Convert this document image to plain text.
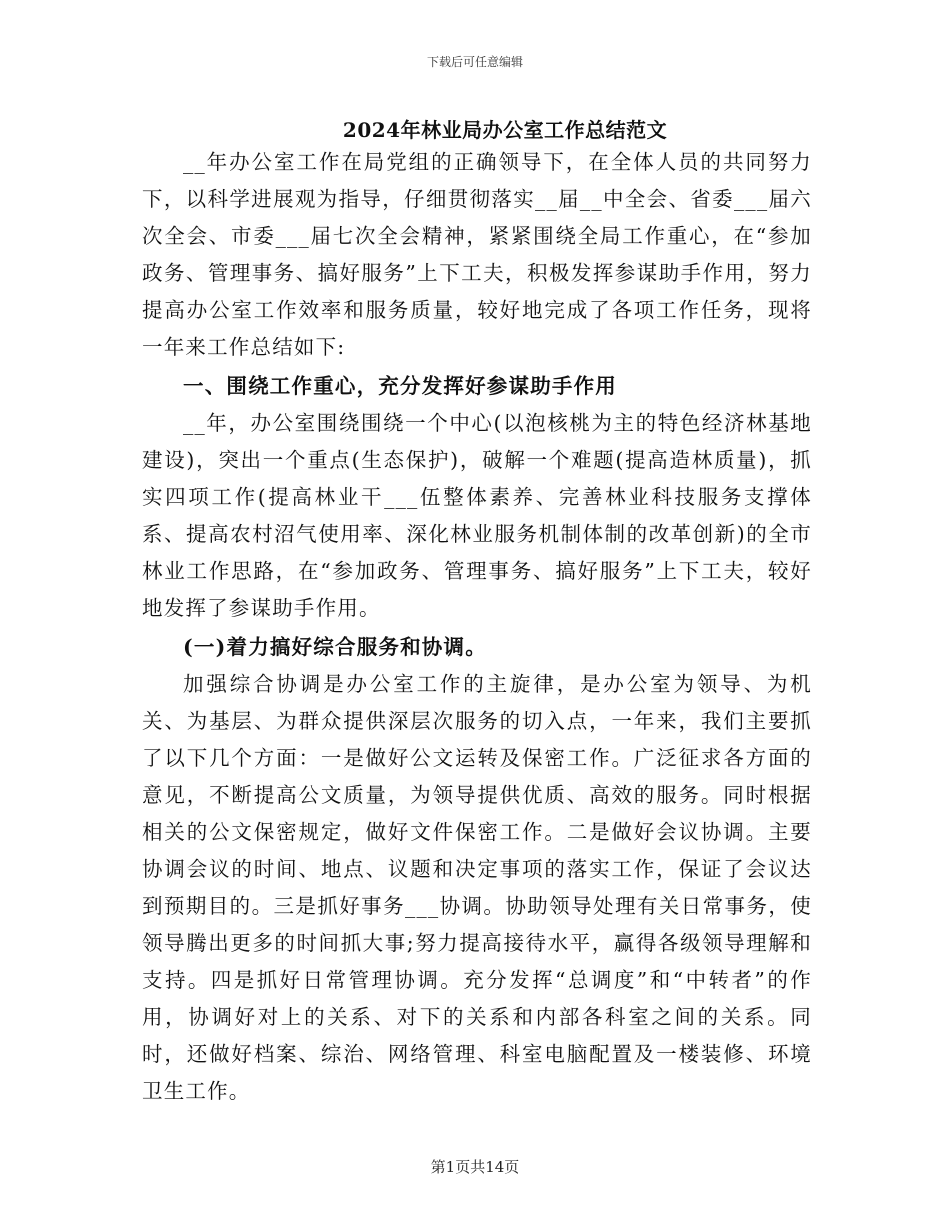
下载后可任意编辑
2024年林业局办公室工作总结范文

__年办公室工作在局党组的正确领导下，在全体人员的共同努力下，以科学进展观为指导，仔细贯彻落实__届__中全会、省委___届六次全会、市委___届七次全会精神，紧紧围绕全局工作重心，在“参加政务、管理事务、搞好服务”上下工夫，积极发挥参谋助手作用，努力提高办公室工作效率和服务质量，较好地完成了各项工作任务，现将一年来工作总结如下:

一、围绕工作重心，充分发挥好参谋助手作用

__年，办公室围绕围绕一个中心(以泡核桃为主的特色经济林基地建设)，突出一个重点(生态保护)，破解一个难题(提高造林质量)，抓实四项工作(提高林业干___伍整体素养、完善林业科技服务支撑体系、提高农村沼气使用率、深化林业服务机制体制的改革创新)的全市林业工作思路，在“参加政务、管理事务、搞好服务”上下工夫，较好地发挥了参谋助手作用。

(一)着力搞好综合服务和协调。

加强综合协调是办公室工作的主旋律，是办公室为领导、为机关、为基层、为群众提供深层次服务的切入点，一年来，我们主要抓了以下几个方面：一是做好公文运转及保密工作。广泛征求各方面的意见，不断提高公文质量，为领导提供优质、高效的服务。同时根据相关的公文保密规定，做好文件保密工作。二是做好会议协调。主要协调会议的时间、地点、议题和决定事项的落实工作，保证了会议达到预期目的。三是抓好事务___协调。协助领导处理有关日常事务，使领导腾出更多的时间抓大事;努力提高接待水平，赢得各级领导理解和支持。四是抓好日常管理协调。充分发挥“总调度”和“中转者”的作用，协调好对上的关系、对下的关系和内部各科室之间的关系。同时，还做好档案、综治、网络管理、科室电脑配置及一楼装修、环境卫生工作。

第1页共14页
